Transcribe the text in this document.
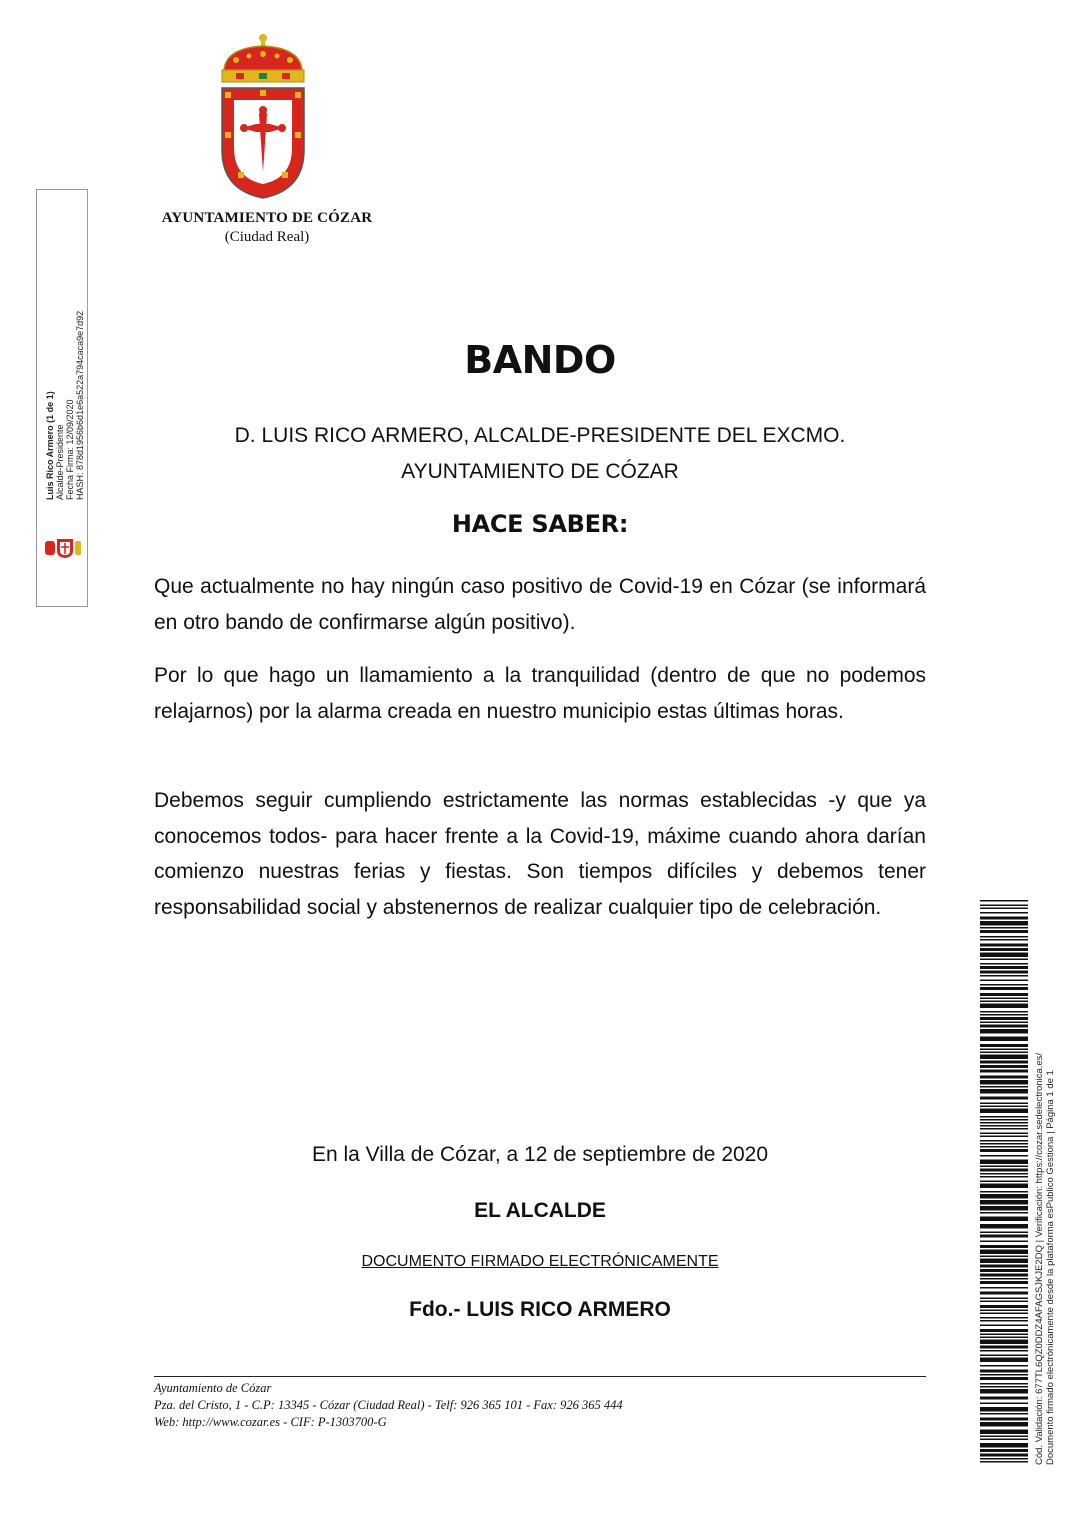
AYUNTAMIENTO DE CÓZAR
(Ciudad Real)
Luis Rico Armero (1 de 1) Alcalde-Presidente Fecha Firma: 12/09/2020 HASH: 878d1956b6d1e6a522a794caca9e7d92	BANDO
D. LUIS RICO ARMERO, ALCALDE-PRESIDENTE DEL EXCMO. AYUNTAMIENTO DE CÓZAR
HACE SABER:

Que actualmente no hay ningún caso positivo de Covid-19 en Cózar (se informará en otro bando de confirmarse algún positivo).

Por lo que hago un llamamiento a la tranquilidad (dentro de que no podemos relajarnos) por la alarma creada en nuestro municipio estas últimas horas.

Debemos seguir cumpliendo estrictamente las normas establecidas -y que ya conocemos todos- para hacer frente a la Covid-19, máxime cuando ahora darían comienzo nuestras ferias y fiestas. Son tiempos difíciles y debemos tener responsabilidad social y abstenernos de realizar cualquier tipo de celebración.

En la Villa de Cózar, a 12 de septiembre de 2020
EL ALCALDE
DOCUMENTO FIRMADO ELECTRÓNICAMENTE
Fdo.- LUIS RICO ARMERO
Ayuntamiento de Cózar
Pza. del Cristo, 1 - C.P: 13345 - Cózar (Ciudad Real) - Telf: 926 365 101 - Fax: 926 365 444
Web: http://www.cozar.es - CIF: P-1303700-G	Cód. Validación: 677TL6QZ0DDZ4AFAGSJKJE2DQ | Verificación: https://cozar.sedelectronica.es/ Documento firmado electrónicamente desde la plataforma esPublico Gestiona | Página 1 de 1
